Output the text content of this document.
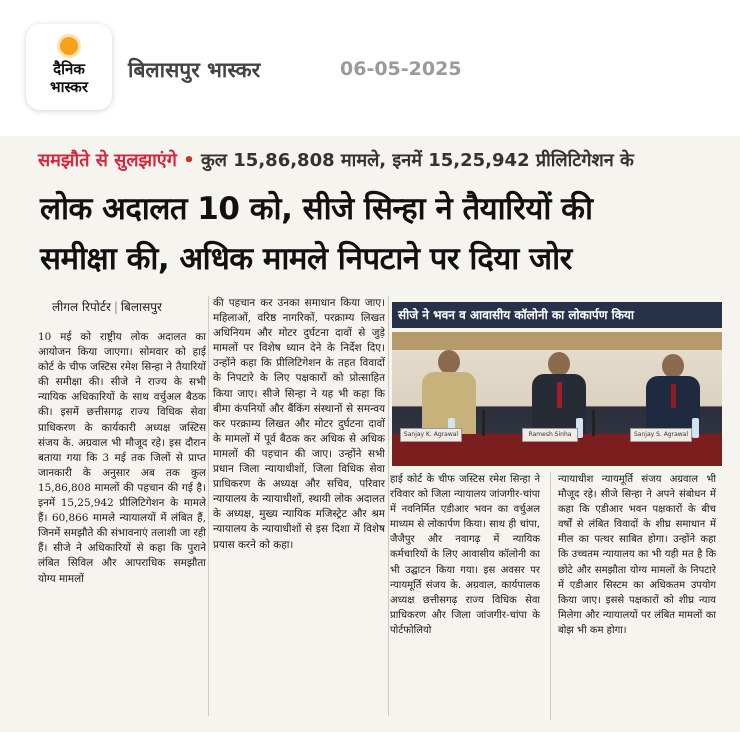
दैनिक
भास्कर
बिलासपुर भास्कर	06-05-2025
समझौते से सुलझाएंगे • कुल 15,86,808 मामले, इनमें 15,25,942 प्रीलिटिगेशन के
लोक अदालत 10 को, सीजे सिन्हा ने तैयारियों की
समीक्षा की, अधिक मामले निपटाने पर दिया जोर
लीगल रिपोर्टर | बिलासपुर
10 मई को राष्ट्रीय लोक अदालत का आयोजन किया जाएगा। सोमवार को हाई कोर्ट के चीफ जस्टिस रमेश सिन्हा ने तैयारियों की समीक्षा की। सीजे ने राज्य के सभी न्यायिक अधिकारियों के साथ वर्चुअल बैठक की। इसमें छत्तीसगढ़ राज्य विधिक सेवा प्राधिकरण के कार्यकारी अध्यक्ष जस्टिस संजय के. अग्रवाल भी मौजूद रहे। इस दौरान बताया गया कि 3 मई तक जिलों से प्राप्त जानकारी के अनुसार अब तक कुल 15,86,808 मामलों की पहचान की गई है। इनमें 15,25,942 प्रीलिटिगेशन के मामले हैं। 60,866 मामले न्यायालयों में लंबित हैं, जिनमें समझौते की संभावनाएं तलाशी जा रही हैं। सीजे ने अधिकारियों से कहा कि पुराने लंबित सिविल और आपराधिक समझौता योग्य मामलों
की पहचान कर उनका समाधान किया जाए। महिलाओं, वरिष्ठ नागरिकों, परक्राम्य लिखत अधिनियम और मोटर दुर्घटना दावों से जुड़े मामलों पर विशेष ध्यान देने के निर्देश दिए। उन्होंने कहा कि प्रीलिटिगेशन के तहत विवादों के निपटारे के लिए पक्षकारों को प्रोत्साहित किया जाए। सीजे सिन्हा ने यह भी कहा कि बीमा कंपनियों और बैंकिंग संस्थानों से समन्वय कर परक्राम्य लिखत और मोटर दुर्घटना दावों के मामलों में पूर्व बैठक कर अधिक से अधिक मामलों की पहचान की जाए। उन्होंने सभी प्रधान जिला न्यायाधीशों, जिला विधिक सेवा प्राधिकरण के अध्यक्ष और सचिव, परिवार न्यायालय के न्यायाधीशों, स्थायी लोक अदालत के अध्यक्ष, मुख्य न्यायिक मजिस्ट्रेट और श्रम न्यायालय के न्यायाधीशों से इस दिशा में विशेष प्रयास करने को कहा।
सीजे ने भवन व आवासीय कॉलोनी का लोकार्पण किया
Sanjay K. Agrawal	Ramesh Sinha	Sanjay S. Agrawal
हाई कोर्ट के चीफ जस्टिस रमेश सिन्हा ने रविवार को जिला न्यायालय जांजगीर-चांपा में नवनिर्मित एडीआर भवन का वर्चुअल माध्यम से लोकार्पण किया। साथ ही चांपा, जैजैपुर और नवागढ़ में न्यायिक कर्मचारियों के लिए आवासीय कॉलोनी का भी उद्घाटन किया गया। इस अवसर पर न्यायमूर्ति संजय के. अग्रवाल, कार्यपालक अध्यक्ष छत्तीसगढ़ राज्य विधिक सेवा प्राधिकरण और जिला जांजगीर-चांपा के पोर्टफोलियो
न्यायाधीश न्यायमूर्ति संजय अग्रवाल भी मौजूद रहे। सीजे सिन्हा ने अपने संबोधन में कहा कि एडीआर भवन पक्षकारों के बीच वर्षों से लंबित विवादों के शीघ्र समाधान में मील का पत्थर साबित होगा। उन्होंने कहा कि उच्चतम न्यायालय का भी यही मत है कि छोटे और समझौता योग्य मामलों के निपटारे में एडीआर सिस्टम का अधिकतम उपयोग किया जाए। इससे पक्षकारों को शीघ्र न्याय मिलेगा और न्यायालयों पर लंबित मामलों का बोझ भी कम होगा।
